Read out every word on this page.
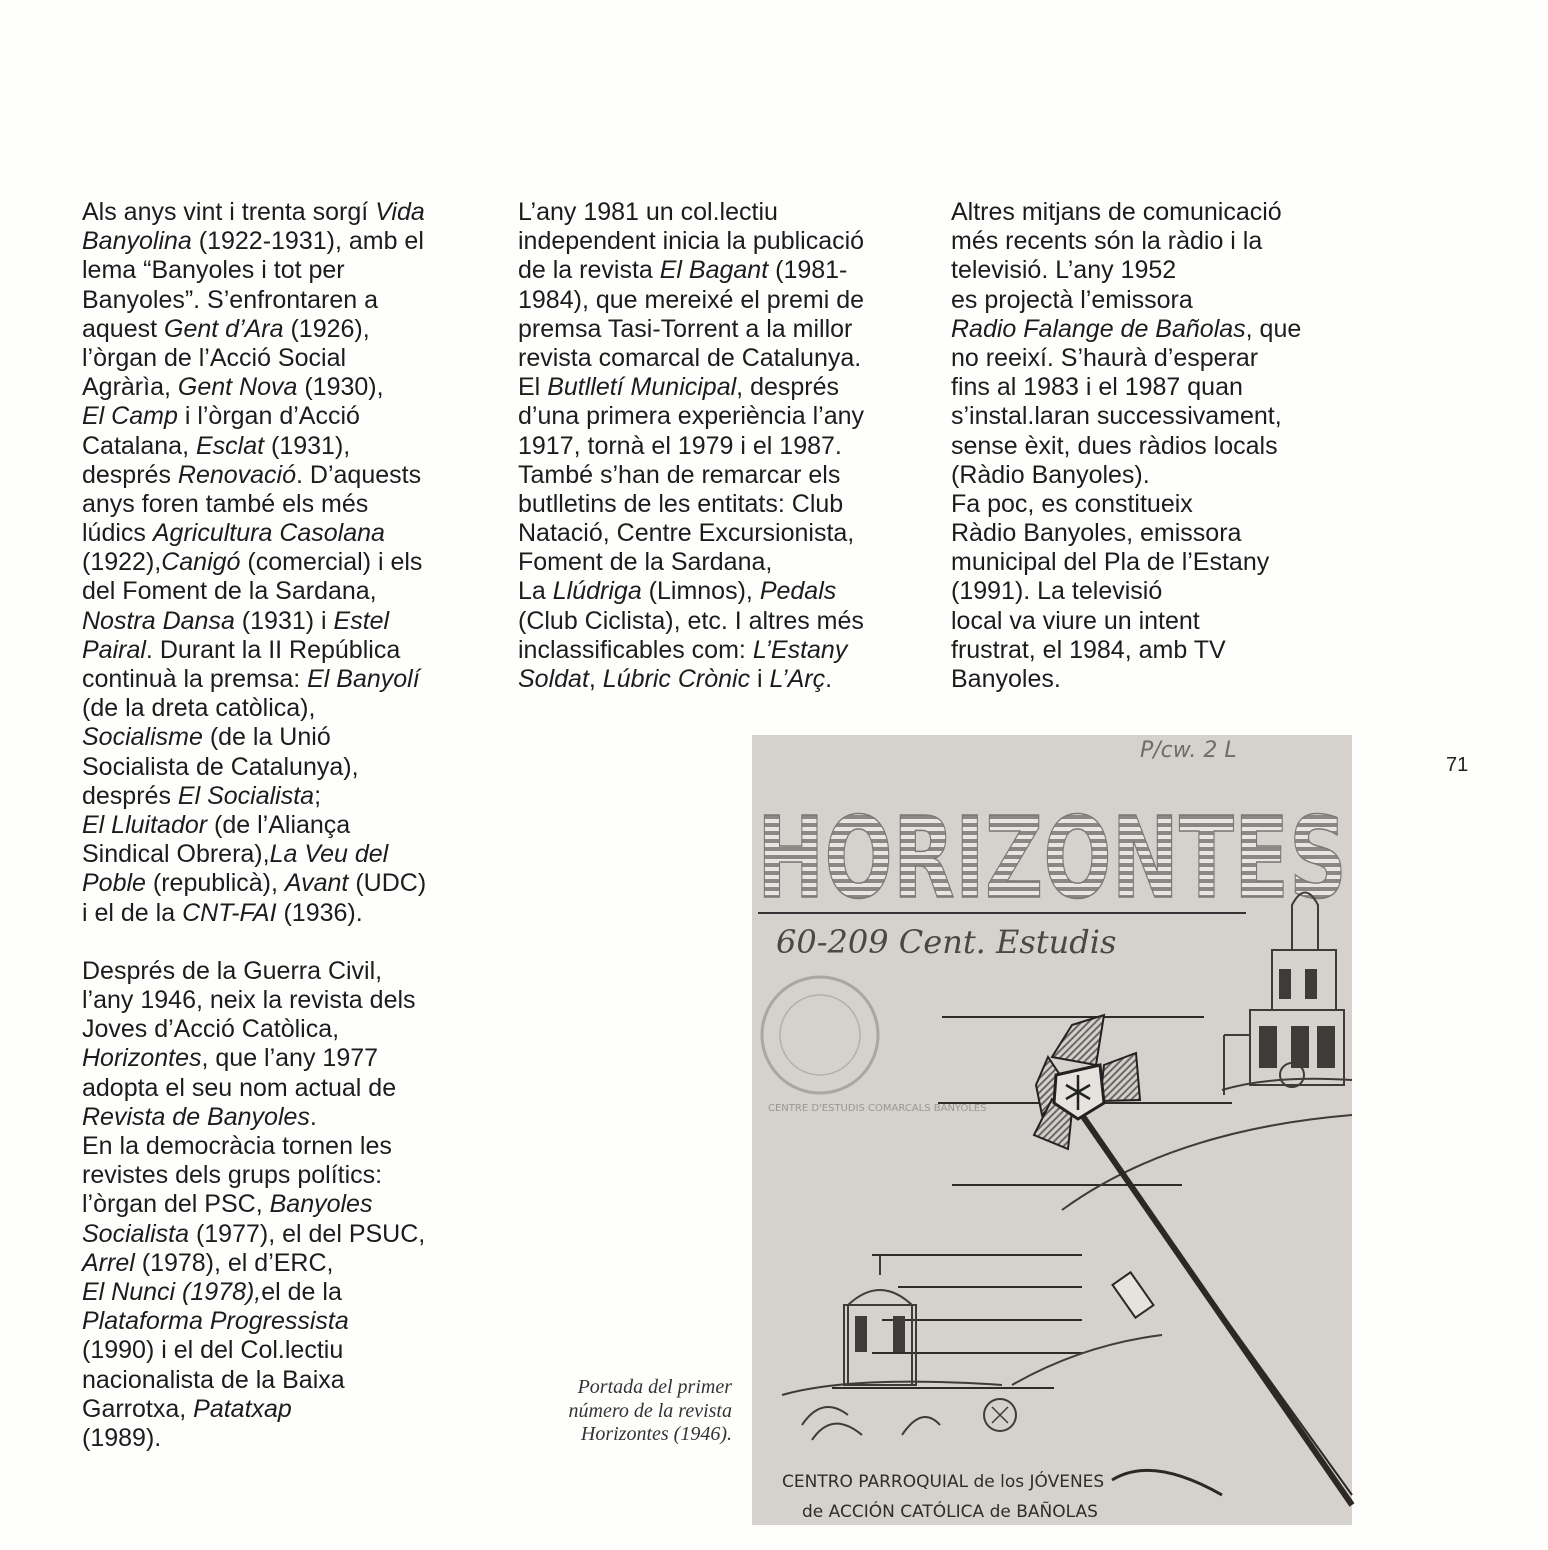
Als anys vint i trenta sorgí Vida
Banyolina (1922-1931), amb el
lema “Banyoles i tot per
Banyoles”. S’enfrontaren a
aquest Gent d’Ara (1926),
l’òrgan de l’Acció Social
Agràrìa, Gent Nova (1930),
El Camp i l’òrgan d’Acció
Catalana, Esclat (1931),
després Renovació. D’aquests
anys foren també els més
lúdics Agricultura Casolana
(1922),Canigó (comercial) i els
del Foment de la Sardana,
Nostra Dansa (1931) i Estel
Pairal. Durant la II República
continuà la premsa: El Banyolí
(de la dreta catòlica),
Socialisme (de la Unió
Socialista de Catalunya),
després El Socialista;
El Lluitador (de l’Aliança
Sindical Obrera),La Veu del
Poble (republicà), Avant (UDC)
i el de la CNT-FAI (1936).
Després de la Guerra Civil,
l’any 1946, neix la revista dels
Joves d’Acció Catòlica,
Horizontes, que l’any 1977
adopta el seu nom actual de
Revista de Banyoles.
En la democràcia tornen les
revistes dels grups polítics:
l’òrgan del PSC, Banyoles
Socialista (1977), el del PSUC,
Arrel (1978), el d’ERC,
El Nunci (1978),el de la
Plataforma Progressista
(1990) i el del Col.lectiu
nacionalista de la Baixa
Garrotxa, Patatxap
(1989).
L’any 1981 un col.lectiu
independent inicia la publicació
de la revista El Bagant (1981-
1984), que mereixé el premi de
premsa Tasi-Torrent a la millor
revista comarcal de Catalunya.
El Butlletí Municipal, després
d’una primera experiència l’any
1917, tornà el 1979 i el 1987.
També s’han de remarcar els
butlletins de les entitats: Club
Natació, Centre Excursionista,
Foment de la Sardana,
La Llúdriga (Limnos), Pedals
(Club Ciclista), etc. I altres més
inclassificables com: L’Estany
Soldat, Lúbric Crònic i L’Arç.
Altres mitjans de comunicació
més recents són la ràdio i la
televisió. L’any 1952
es projectà l’emissora
Radio Falange de Bañolas, que
no reeixí. S’haurà d’esperar
fins al 1983 i el 1987 quan
s’instal.laran successivament,
sense èxit, dues ràdios locals
(Ràdio Banyoles).
Fa poc, es constitueix
Ràdio Banyoles, emissora
municipal del Pla de l’Estany
(1991). La televisió
local va viure un intent
frustrat, el 1984, amb TV
Banyoles.
71
Portada del primer
número de la revista
Horizontes (1946).
P/cw. 2 L
HORIZONTES
60-209 Cent. Estudis
CENTRE D'ESTUDIS COMARCALS BANYOLES
CENTRO PARROQUIAL de los JÓVENES
de ACCIÓN CATÓLICA de BAÑOLAS
